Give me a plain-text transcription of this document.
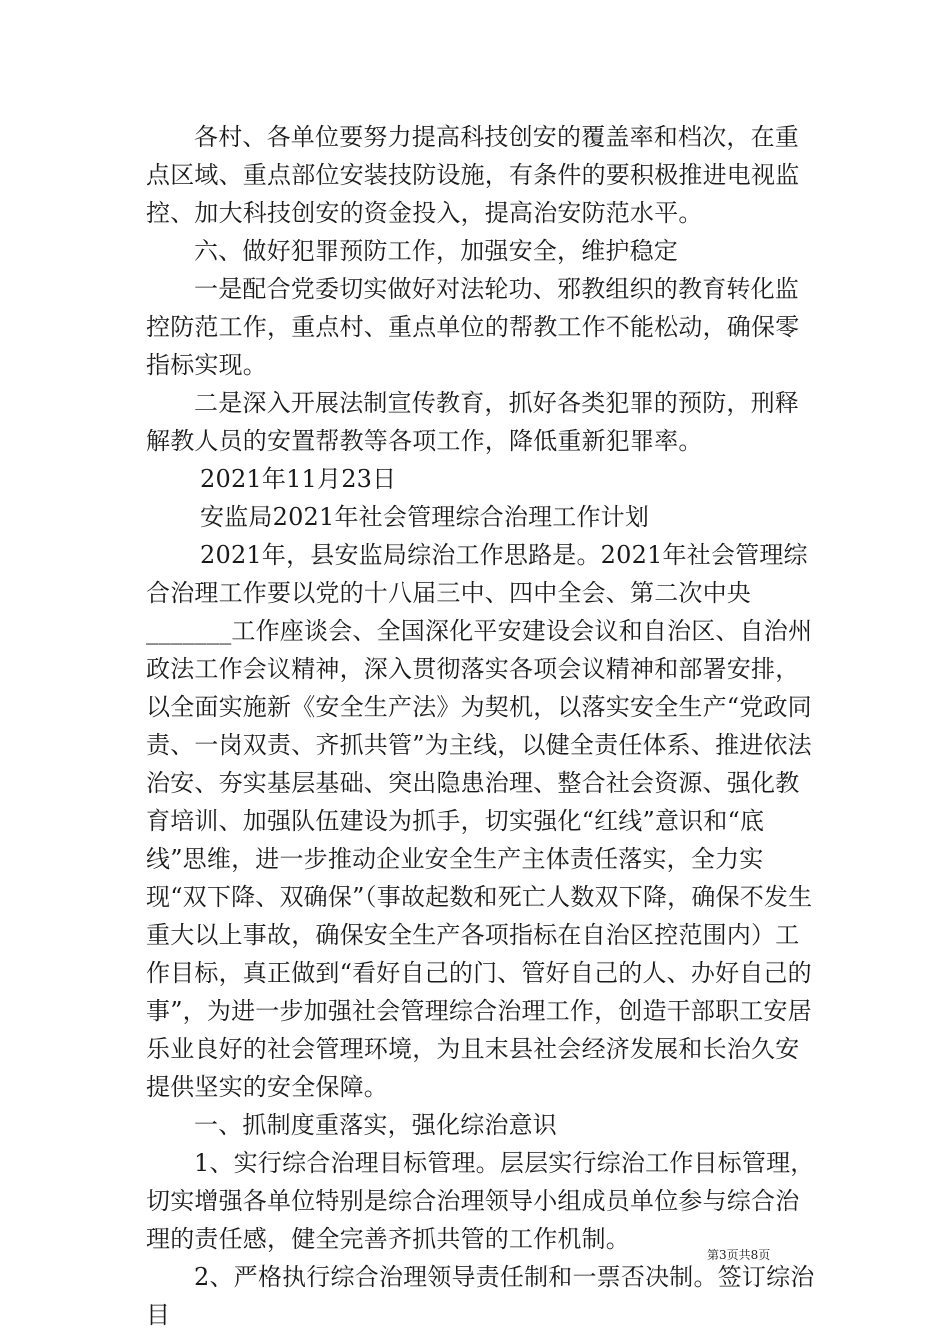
各村、各单位要努力提高科技创安的覆盖率和档次，在重点区域、重点部位安装技防设施，有条件的要积极推进电视监控、加大科技创安的资金投入，提高治安防范水平。

六、做好犯罪预防工作，加强安全，维护稳定

一是配合党委切实做好对法轮功、邪教组织的教育转化监控防范工作，重点村、重点单位的帮教工作不能松动，确保零指标实现。

二是深入开展法制宣传教育，抓好各类犯罪的预防，刑释解教人员的安置帮教等各项工作，降低重新犯罪率。

2021年11月23日

安监局2021年社会管理综合治理工作计划

2021年，县安监局综治工作思路是。2021年社会管理综合治理工作要以党的十八届三中、四中全会、第二次中央_______工作座谈会、全国深化平安建设会议和自治区、自治州政法工作会议精神，深入贯彻落实各项会议精神和部署安排，以全面实施新《安全生产法》为契机，以落实安全生产“党政同责、一岗双责、齐抓共管”为主线，以健全责任体系、推进依法治安、夯实基层基础、突出隐患治理、整合社会资源、强化教育培训、加强队伍建设为抓手，切实强化“红线”意识和“底线”思维，进一步推动企业安全生产主体责任落实，全力实现“双下降、双确保”（事故起数和死亡人数双下降，确保不发生重大以上事故，确保安全生产各项指标在自治区控范围内）工作目标，真正做到“看好自己的门、管好自己的人、办好自己的事”，为进一步加强社会管理综合治理工作，创造干部职工安居乐业良好的社会管理环境，为且末县社会经济发展和长治久安提供坚实的安全保障。

一、抓制度重落实，强化综治意识

1、实行综合治理目标管理。层层实行综治工作目标管理，切实增强各单位特别是综合治理领导小组成员单位参与综合治理的责任感，健全完善齐抓共管的工作机制。

2、严格执行综合治理领导责任制和一票否决制。签订综治目

第3页共8页
